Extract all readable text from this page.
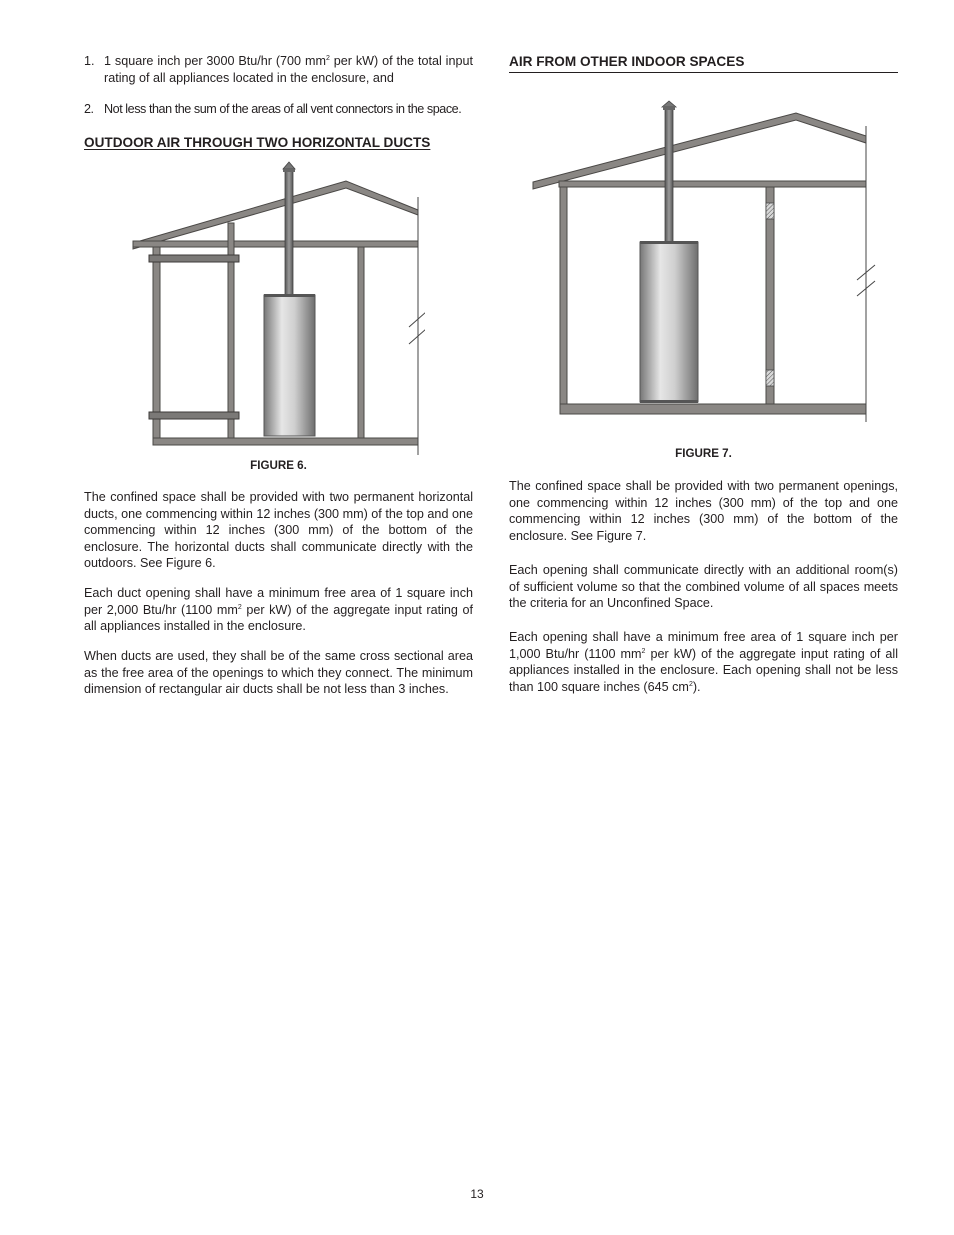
1. 1 square inch per 3000 Btu/hr (700 $mm^2$ per kW) of the total input rating of all appliances located in the enclosure, and

2. Not less than the sum of the areas of all vent connectors in the space.

OUTDOOR AIR THROUGH TWO HORIZONTAL DUCTS
FIGURE 6.

The confined space shall be provided with two permanent horizontal ducts, one commencing within 12 inches (300 mm) of the top and one commencing within 12 inches (300 mm) of the bottom of the enclosure. The horizontal ducts shall communicate directly with the outdoors. See Figure 6.

Each duct opening shall have a minimum free area of 1 square inch per 2,000 Btu/hr (1100 $mm^2$ per kW) of the aggregate input rating of all appliances installed in the enclosure.

When ducts are used, they shall be of the same cross sectional area as the free area of the openings to which they connect. The minimum dimension of rectangular air ducts shall be not less than 3 inches.

AIR FROM OTHER INDOOR SPACES
FIGURE 7.

The confined space shall be provided with two permanent openings, one commencing within 12 inches (300 mm) of the top and one commencing within 12 inches (300 mm) of the bottom of the enclosure. See Figure 7.

Each opening shall communicate directly with an additional room(s) of sufficient volume so that the combined volume of all spaces meets the criteria for an Unconfined Space.

Each opening shall have a minimum free area of 1 square inch per 1,000 Btu/hr (1100 $mm^2$ per kW) of the aggregate input rating of all appliances installed in the enclosure. Each opening shall not be less than 100 square inches (645 $cm^2$).

13
